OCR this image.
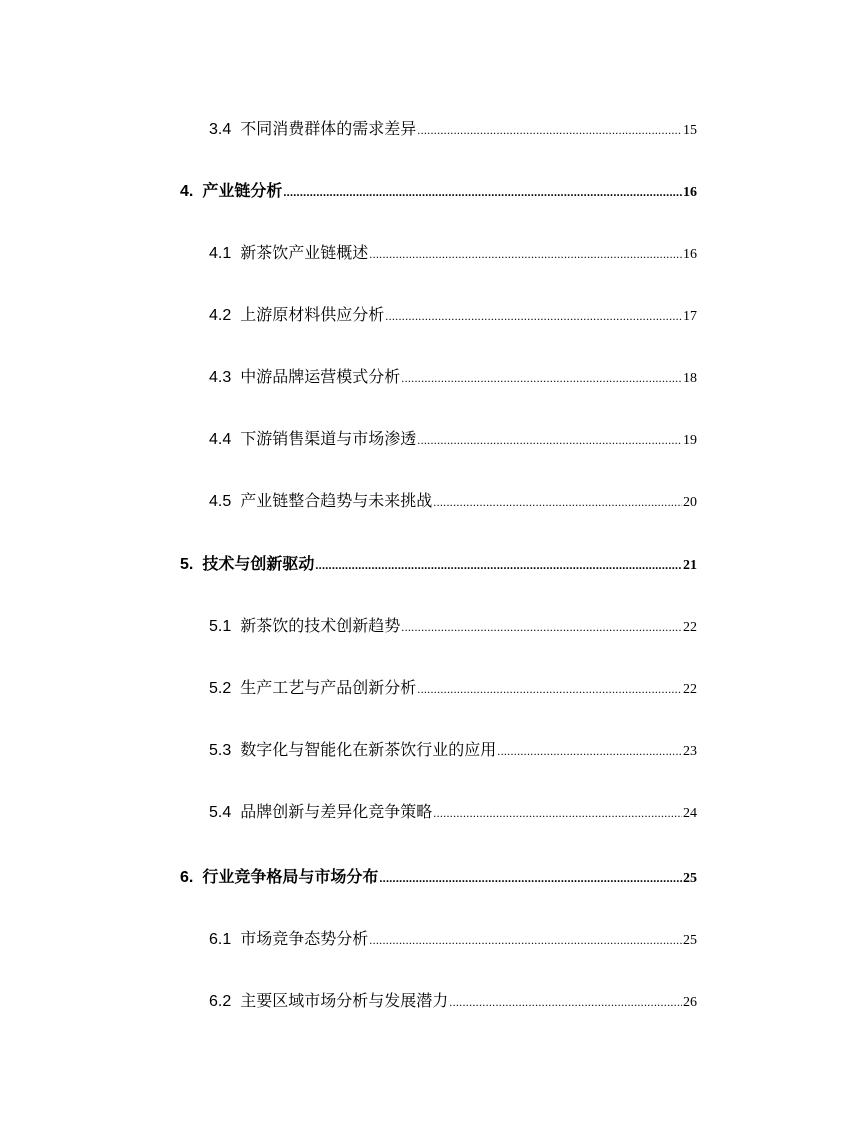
3.4 不同消费群体的需求差异 .....	15
4. 产业链分析 .....	16
4.1 新茶饮产业链概述 .....	16
4.2 上游原材料供应分析 .....	17
4.3 中游品牌运营模式分析 .....	18
4.4 下游销售渠道与市场渗透 .....	19
4.5 产业链整合趋势与未来挑战 .....	20
5. 技术与创新驱动 .....	21
5.1 新茶饮的技术创新趋势 .....	22
5.2 生产工艺与产品创新分析 .....	22
5.3 数字化与智能化在新茶饮行业的应用 .....	23
5.4 品牌创新与差异化竞争策略 .....	24
6. 行业竞争格局与市场分布 .....	25
6.1 市场竞争态势分析 .....	25
6.2 主要区域市场分析与发展潜力 .....	26
